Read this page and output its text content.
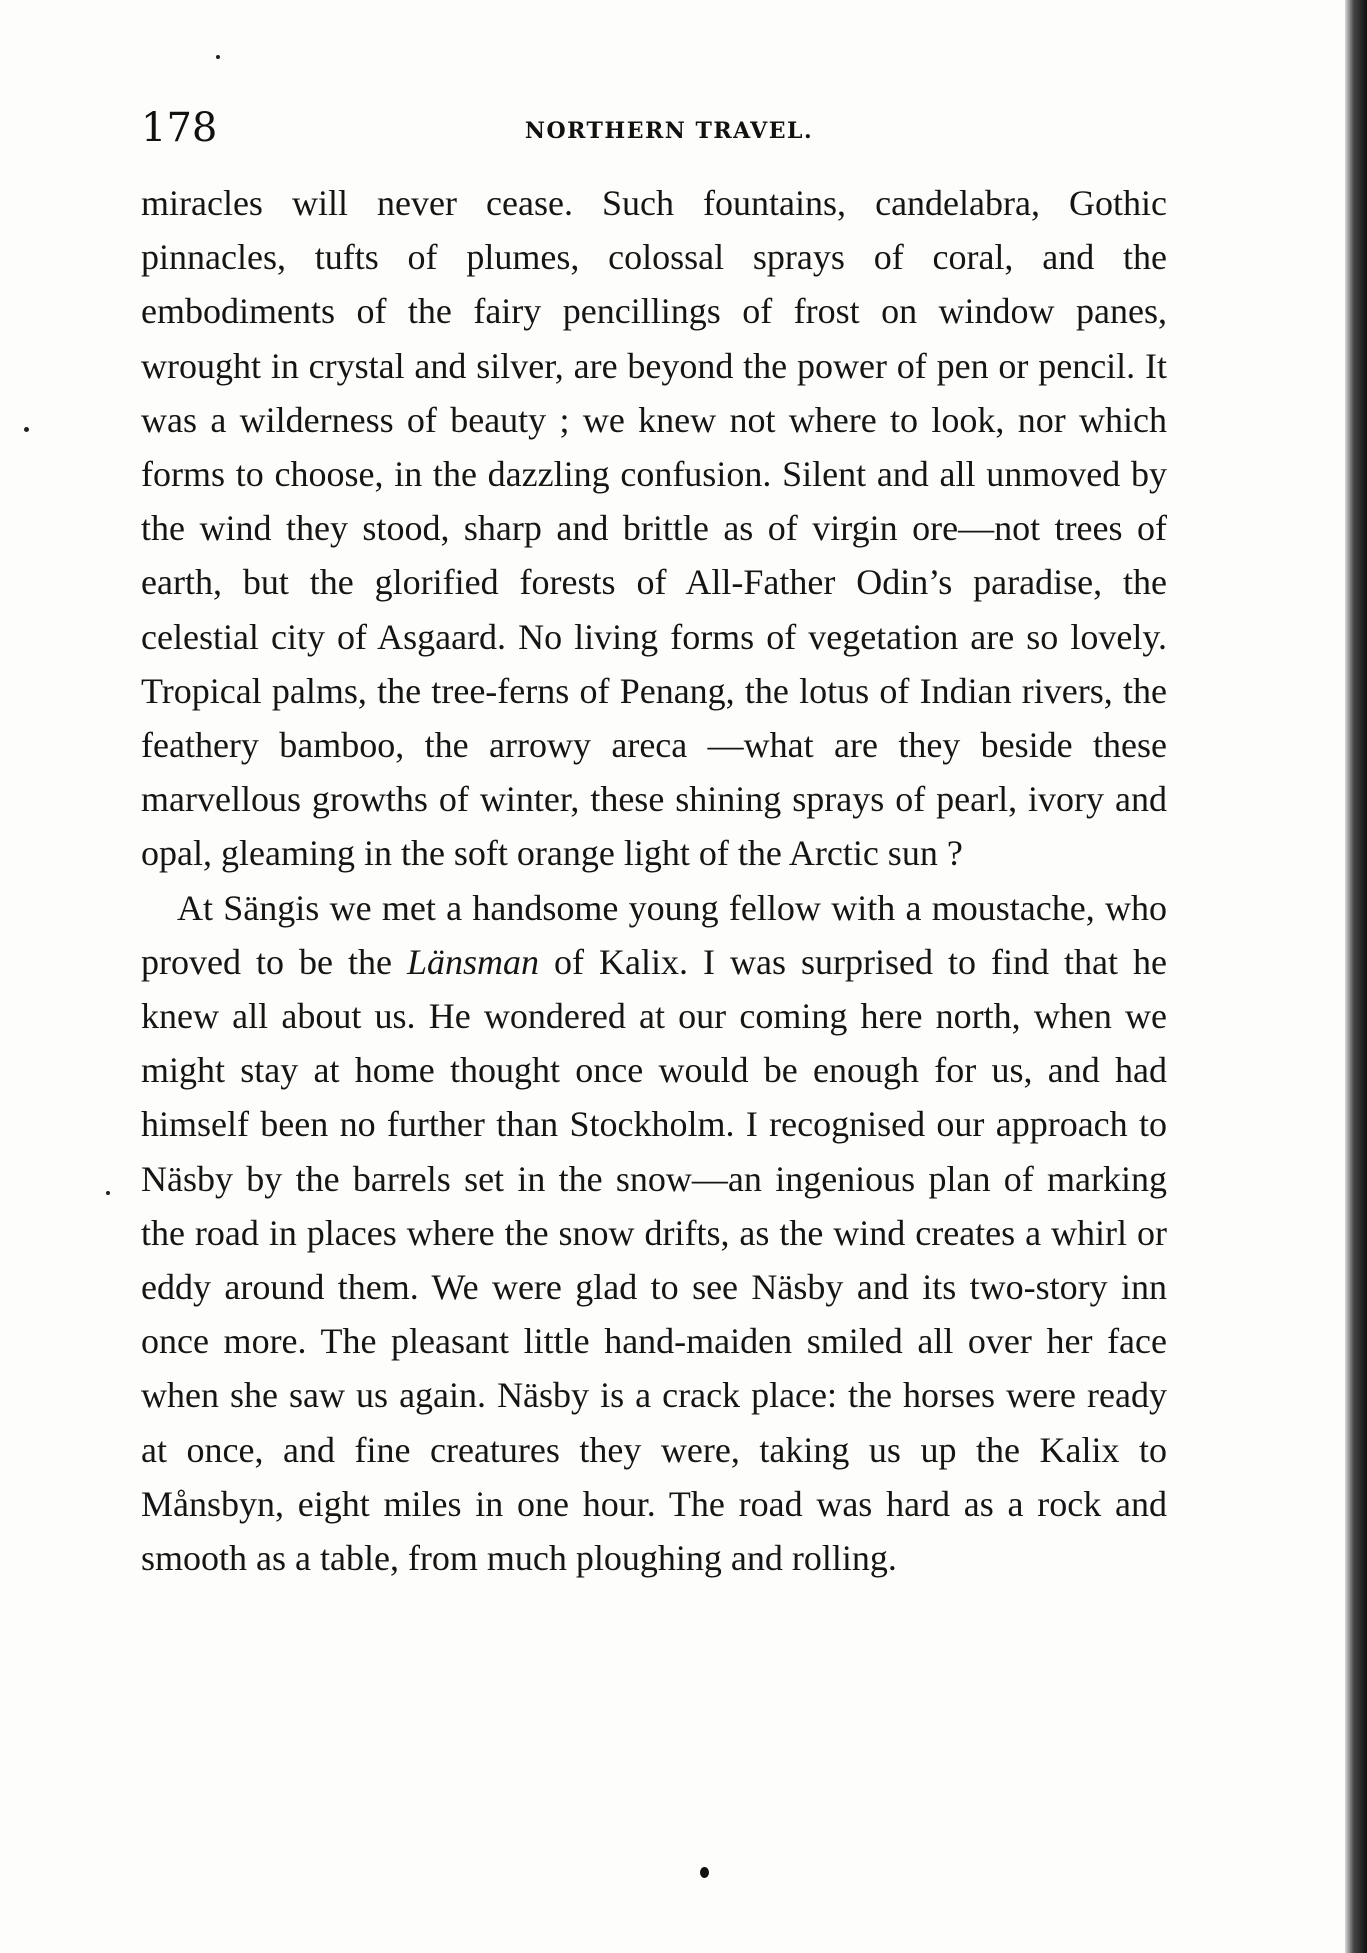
178	NORTHERN TRAVEL.

miracles will never cease. Such fountains, candelabra, Gothic pinnacles, tufts of plumes, colossal sprays of coral, and the embodiments of the fairy pencillings of frost on window panes, wrought in crystal and silver, are beyond the power of pen or pencil. It was a wilderness of beauty ; we knew not where to look, nor which forms to choose, in the dazzling confusion. Silent and all unmoved by the wind they stood, sharp and brittle as of virgin ore—not trees of earth, but the glorified forests of All-Father Odin’s paradise, the celestial city of Asgaard. No living forms of vegetation are so lovely. Tropical palms, the tree-ferns of Penang, the lotus of Indian rivers, the feathery bamboo, the arrowy areca —what are they beside these marvellous growths of winter, these shining sprays of pearl, ivory and opal, gleaming in the soft orange light of the Arctic sun ?

At Sängis we met a handsome young fellow with a moustache, who proved to be the Länsman of Kalix. I was surprised to find that he knew all about us. He wondered at our coming here north, when we might stay at home thought once would be enough for us, and had himself been no further than Stockholm. I recognised our approach to Näsby by the barrels set in the snow—an ingenious plan of marking the road in places where the snow drifts, as the wind creates a whirl or eddy around them. We were glad to see Näsby and its two-story inn once more. The pleasant little hand-maiden smiled all over her face when she saw us again. Näsby is a crack place: the horses were ready at once, and fine creatures they were, taking us up the Kalix to Månsbyn, eight miles in one hour. The road was hard as a rock and smooth as a table, from much ploughing and rolling.
